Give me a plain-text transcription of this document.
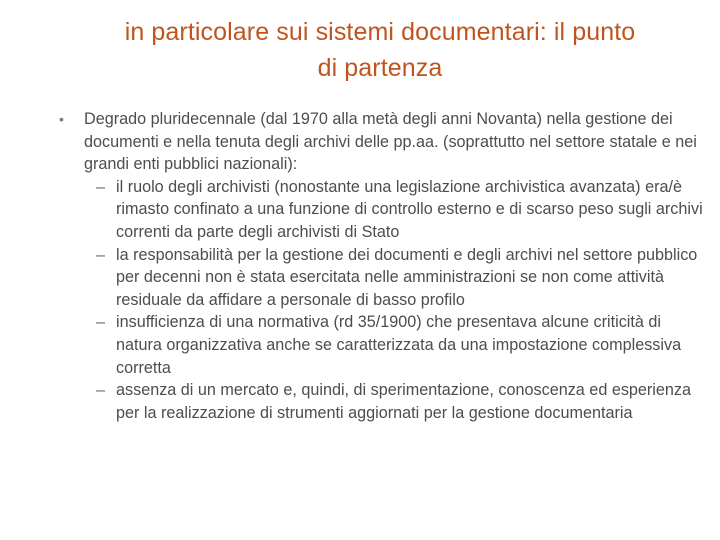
in particolare sui sistemi documentari: il punto
di partenza
• Degrado pluridecennale (dal 1970 alla metà degli anni Novanta) nella gestione dei documenti e nella tenuta degli archivi delle pp.aa. (soprattutto nel settore statale e nei grandi enti pubblici nazionali):
– il ruolo degli archivisti (nonostante una legislazione archivistica avanzata) era/è rimasto confinato a una funzione di controllo esterno e di scarso peso sugli archivi correnti da parte degli archivisti di Stato
– la responsabilità per la gestione dei documenti e degli archivi nel settore pubblico per decenni non è stata esercitata nelle amministrazioni se non come attività residuale da affidare a personale di basso profilo
– insufficienza di una normativa (rd 35/1900) che presentava alcune criticità di natura organizzativa anche se caratterizzata da una impostazione complessiva corretta
– assenza di un mercato e, quindi, di sperimentazione, conoscenza ed esperienza per la realizzazione di strumenti aggiornati per la gestione documentaria
